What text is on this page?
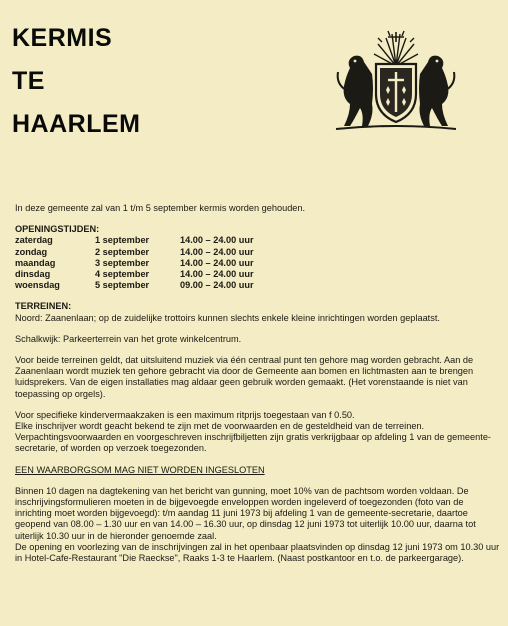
KERMIS
TE
HAARLEM

In deze gemeente zal van 1 t/m 5 september kermis worden gehouden.

OPENINGSTIJDEN:

zaterdag	1 september	14.00 – 24.00 uur
zondag	2 september	14.00 – 24.00 uur
maandag	3 september	14.00 – 24.00 uur
dinsdag	4 september	14.00 – 24.00 uur
woensdag	5 september	09.00 – 24.00 uur

TERREINEN:

Noord: Zaanenlaan; op de zuidelijke trottoirs kunnen slechts enkele kleine inrichtingen worden geplaatst.

Schalkwijk: Parkeerterrein van het grote winkelcentrum.

Voor beide terreinen geldt, dat uitsluitend muziek via één centraal punt ten gehore mag worden gebracht. Aan de Zaanenlaan wordt muziek ten gehore gebracht via door de Gemeente aan bomen en lichtmasten aan te brengen luidsprekers. Van de eigen installaties mag aldaar geen gebruik worden gemaakt. (Het vorenstaande is niet van toepassing op orgels).

Voor specifieke kindervermaakzaken is een maximum ritprijs toegestaan van f 0.50.

Elke inschrijver wordt geacht bekend te zijn met de voorwaarden en de gesteldheid van de terreinen.

Verpachtingsvoorwaarden en voorgeschreven inschrijfbiljetten zijn gratis verkrijgbaar op afdeling 1 van de gemeente-secretarie, of worden op verzoek toegezonden.

EEN WAARBORGSOM MAG NIET WORDEN INGESLOTEN

Binnen 10 dagen na dagtekening van het bericht van gunning, moet 10% van de pachtsom worden voldaan. De inschrijvingsformulieren moeten in de bijgevoegde enveloppen worden ingeleverd of toegezonden (foto van de inrichting moet worden bijgevoegd): t/m aandag 11 juni 1973 bij afdeling 1 van de gemeente-secretarie, daartoe geopend van 08.00 – 1.30 uur en van 14.00 – 16.30 uur, op dinsdag 12 juni 1973 tot uiterlijk 10.00 uur, daarna tot uiterlijk 10.30 uur in de hieronder genoemde zaal.

De opening en voorlezing van de inschrijvingen zal in het openbaar plaatsvinden op dinsdag 12 juni 1973 om 10.30 uur in Hotel-Cafe-Restaurant "Die Raeckse", Raaks 1-3 te Haarlem. (Naast postkantoor en t.o. de parkeergarage).
